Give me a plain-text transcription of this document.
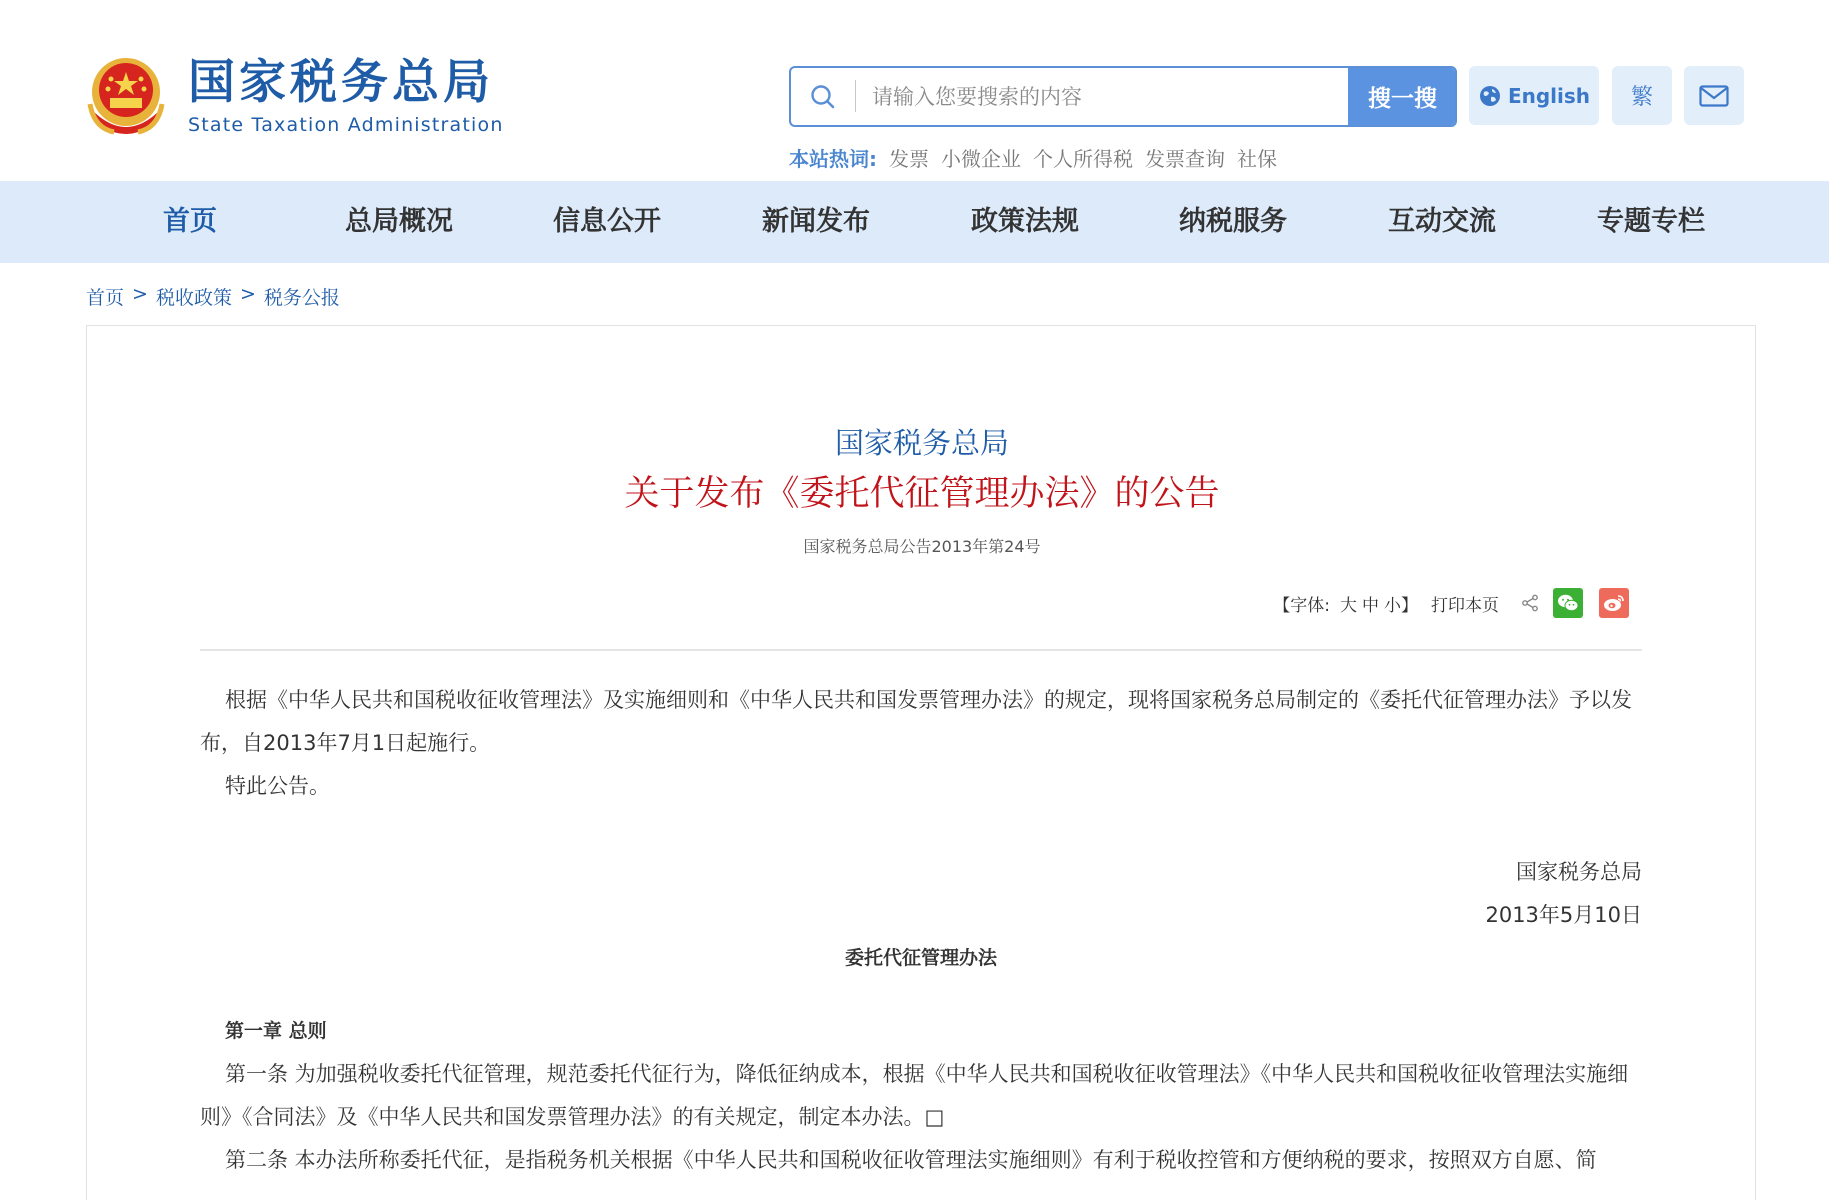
国家税务总局
State Taxation Administration
请输入您要搜索的内容
搜一搜	English	繁
本站热词: 发票 小微企业 个人所得税 发票查询 社保
首页	总局概况	信息公开	新闻发布	政策法规	纳税服务	互动交流	专题专栏
首页 > 税收政策 > 税务公报
国家税务总局
关于发布《委托代征管理办法》的公告
国家税务总局公告2013年第24号
【字体: 大 中 小】 打印本页

根据《中华人民共和国税收征收管理法》及实施细则和《中华人民共和国发票管理办法》的规定，现将国家税务总局制定的《委托代征管理办法》予以发布，自2013年7月1日起施行。

特此公告。

国家税务总局

2013年5月10日

委托代征管理办法

第一章 总则

第一条 为加强税收委托代征管理，规范委托代征行为，降低征纳成本，根据《中华人民共和国税收征收管理法》《中华人民共和国税收征收管理法实施细则》《合同法》及《中华人民共和国发票管理办法》的有关规定，制定本办法。□

第二条 本办法所称委托代征，是指税务机关根据《中华人民共和国税收征收管理法实施细则》有利于税收控管和方便纳税的要求，按照双方自愿、简
